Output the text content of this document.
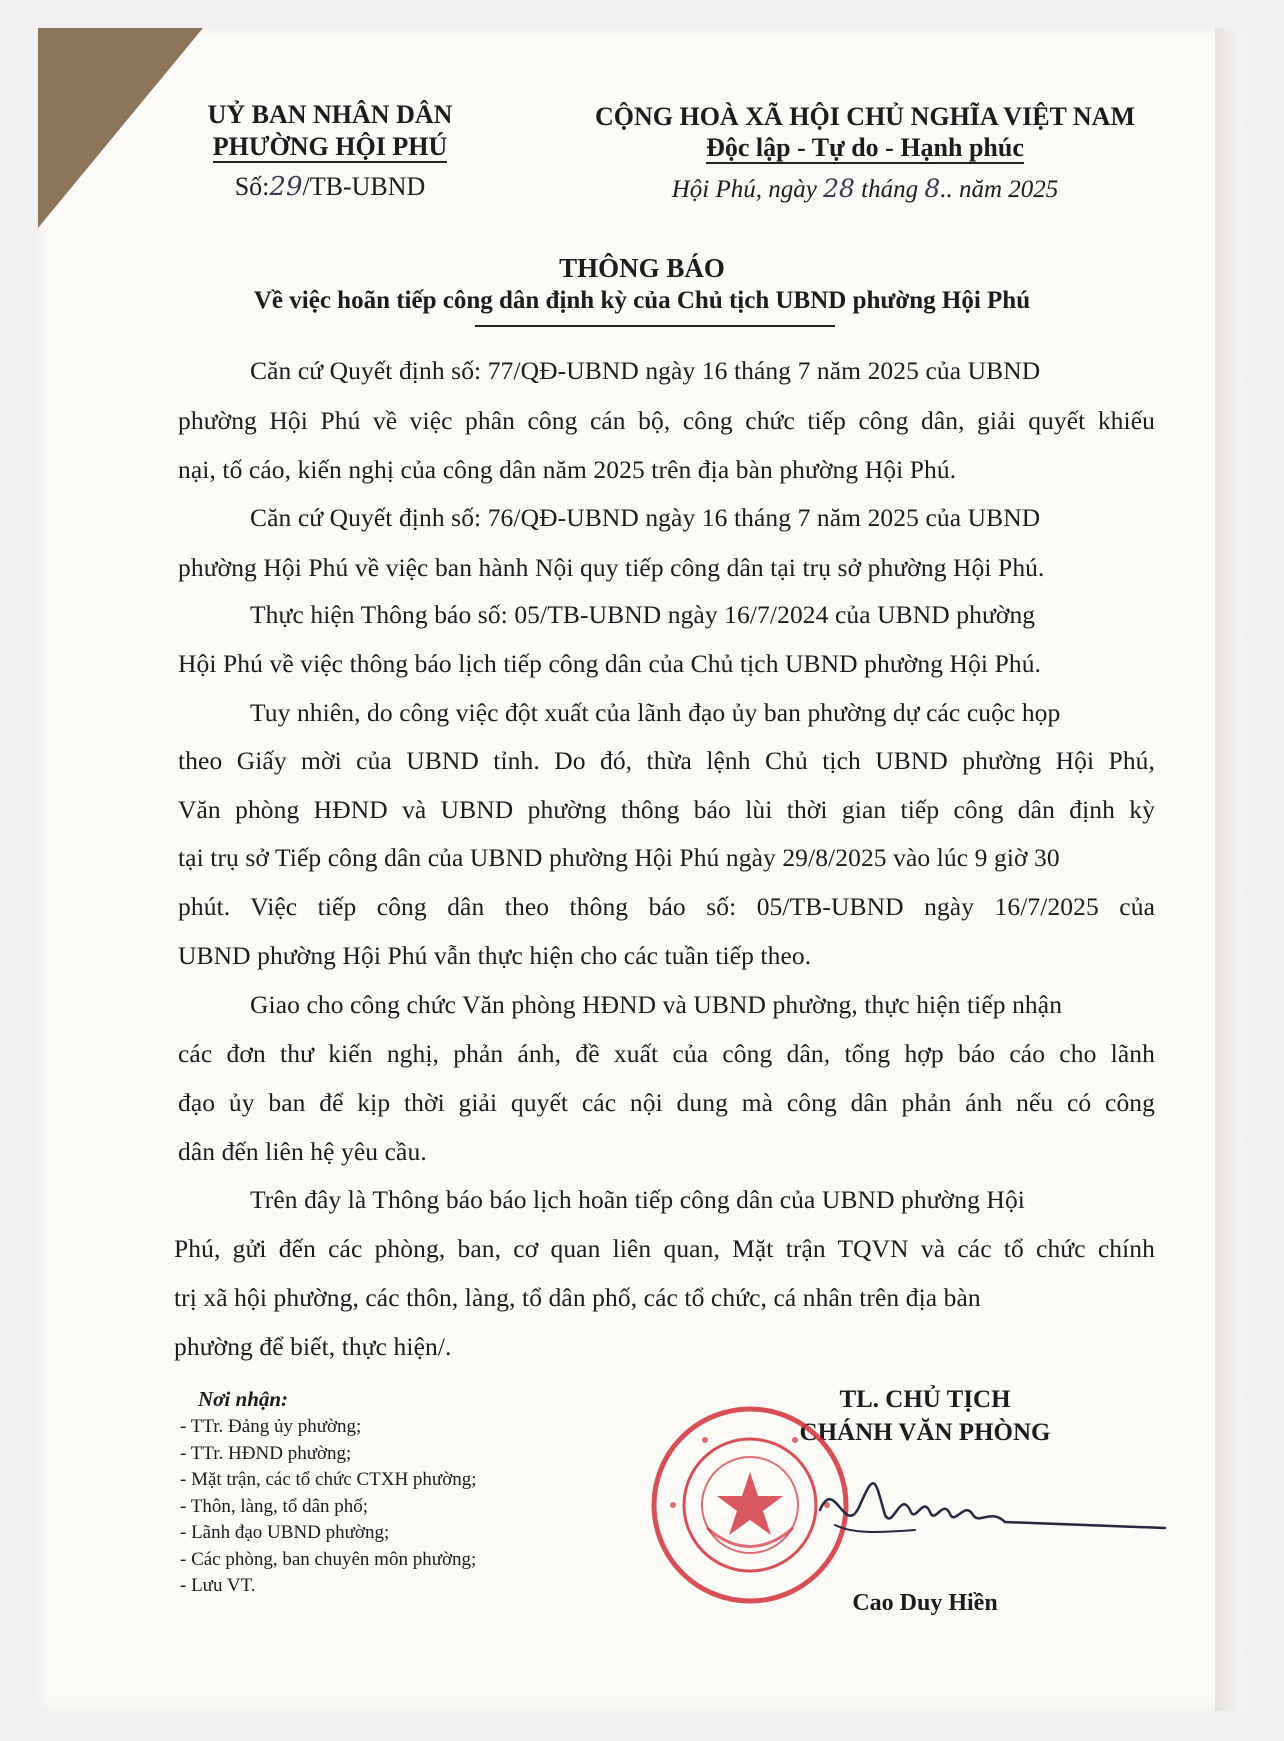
UỶ BAN NHÂN DÂN
PHƯỜNG HỘI PHÚ
Số:29/TB-UBND
CỘNG HOÀ XÃ HỘI CHỦ NGHĨA VIỆT NAM
Độc lập - Tự do - Hạnh phúc
Hội Phú, ngày 28 tháng 8.. năm 2025
THÔNG BÁO
Về việc hoãn tiếp công dân định kỳ của Chủ tịch UBND phường Hội Phú
Căn cứ Quyết định số: 77/QĐ-UBND ngày 16 tháng 7 năm 2025 của UBND
phường Hội Phú về việc phân công cán bộ, công chức tiếp công dân, giải quyết khiếu
nại, tố cáo, kiến nghị của công dân năm 2025 trên địa bàn phường Hội Phú.
Căn cứ Quyết định số: 76/QĐ-UBND ngày 16 tháng 7 năm 2025 của UBND
phường Hội Phú về việc ban hành Nội quy tiếp công dân tại trụ sở phường Hội Phú.
Thực hiện Thông báo số: 05/TB-UBND ngày 16/7/2024 của UBND phường
Hội Phú về việc thông báo lịch tiếp công dân của Chủ tịch UBND phường Hội Phú.
Tuy nhiên, do công việc đột xuất của lãnh đạo ủy ban phường dự các cuộc họp
theo Giấy mời của UBND tỉnh. Do đó, thừa lệnh Chủ tịch UBND phường Hội Phú,
Văn phòng HĐND và UBND phường thông báo lùi thời gian tiếp công dân định kỳ
tại trụ sở Tiếp công dân của UBND phường Hội Phú ngày 29/8/2025 vào lúc 9 giờ 30
phút. Việc tiếp công dân theo thông báo số: 05/TB-UBND ngày 16/7/2025 của
UBND phường Hội Phú vẫn thực hiện cho các tuần tiếp theo.
Giao cho công chức Văn phòng HĐND và UBND phường, thực hiện tiếp nhận
các đơn thư kiến nghị, phản ánh, đề xuất của công dân, tổng hợp báo cáo cho lãnh
đạo ủy ban để kịp thời giải quyết các nội dung mà công dân phản ánh nếu có công
dân đến liên hệ yêu cầu.
Trên đây là Thông báo báo lịch hoãn tiếp công dân của UBND phường Hội
Phú, gửi đến các phòng, ban, cơ quan liên quan, Mặt trận TQVN và các tổ chức chính
trị xã hội phường, các thôn, làng, tổ dân phố, các tổ chức, cá nhân trên địa bàn
phường để biết, thực hiện/.
Nơi nhận:
- TTr. Đảng ủy phường;
- TTr. HĐND phường;
- Mặt trận, các tổ chức CTXH phường;
- Thôn, làng, tổ dân phố;
- Lãnh đạo UBND phường;
- Các phòng, ban chuyên môn phường;
- Lưu VT.
TL. CHỦ TỊCH
CHÁNH VĂN PHÒNG
Cao Duy Hiền
